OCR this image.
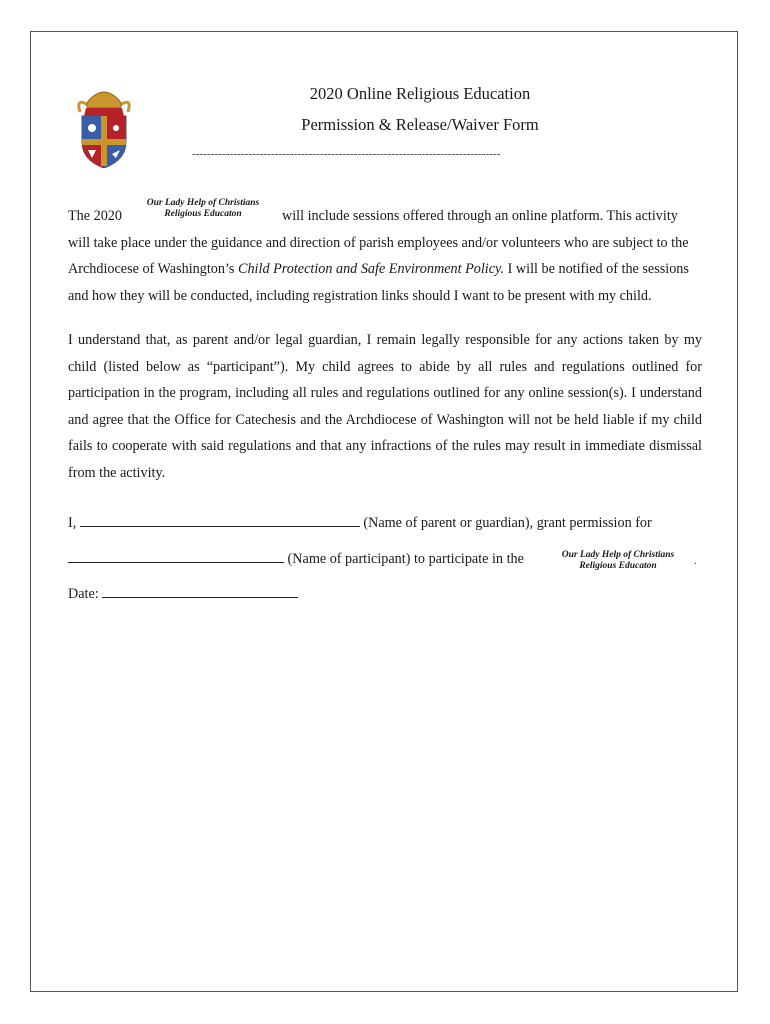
2020 Online Religious Education
Permission & Release/Waiver Form
----------------------------------------------------------------------------------
The 2020
Our Lady Help of Christians
Religious Educaton	will include sessions offered through an online platform. This activity will take place under the guidance and direction of parish employees and/or volunteers who are subject to the Archdiocese of Washington’s Child Protection and Safe Environment Policy. I will be notified of the sessions and how they will be conducted, including registration links should I want to be present with my child.
I understand that, as parent and/or legal guardian, I remain legally responsible for any actions taken by my child (listed below as “participant”). My child agrees to abide by all rules and regulations outlined for participation in the program, including all rules and regulations outlined for any online session(s). I understand and agree that the Office for Catechesis and the Archdiocese of Washington will not be held liable if my child fails to cooperate with said regulations and that any infractions of the rules may result in immediate dismissal from the activity.
I,	(Name of parent or guardian), grant permission for
(Name of participant) to participate in the	Our Lady Help of Christians
Religious Educaton	.
Date:
